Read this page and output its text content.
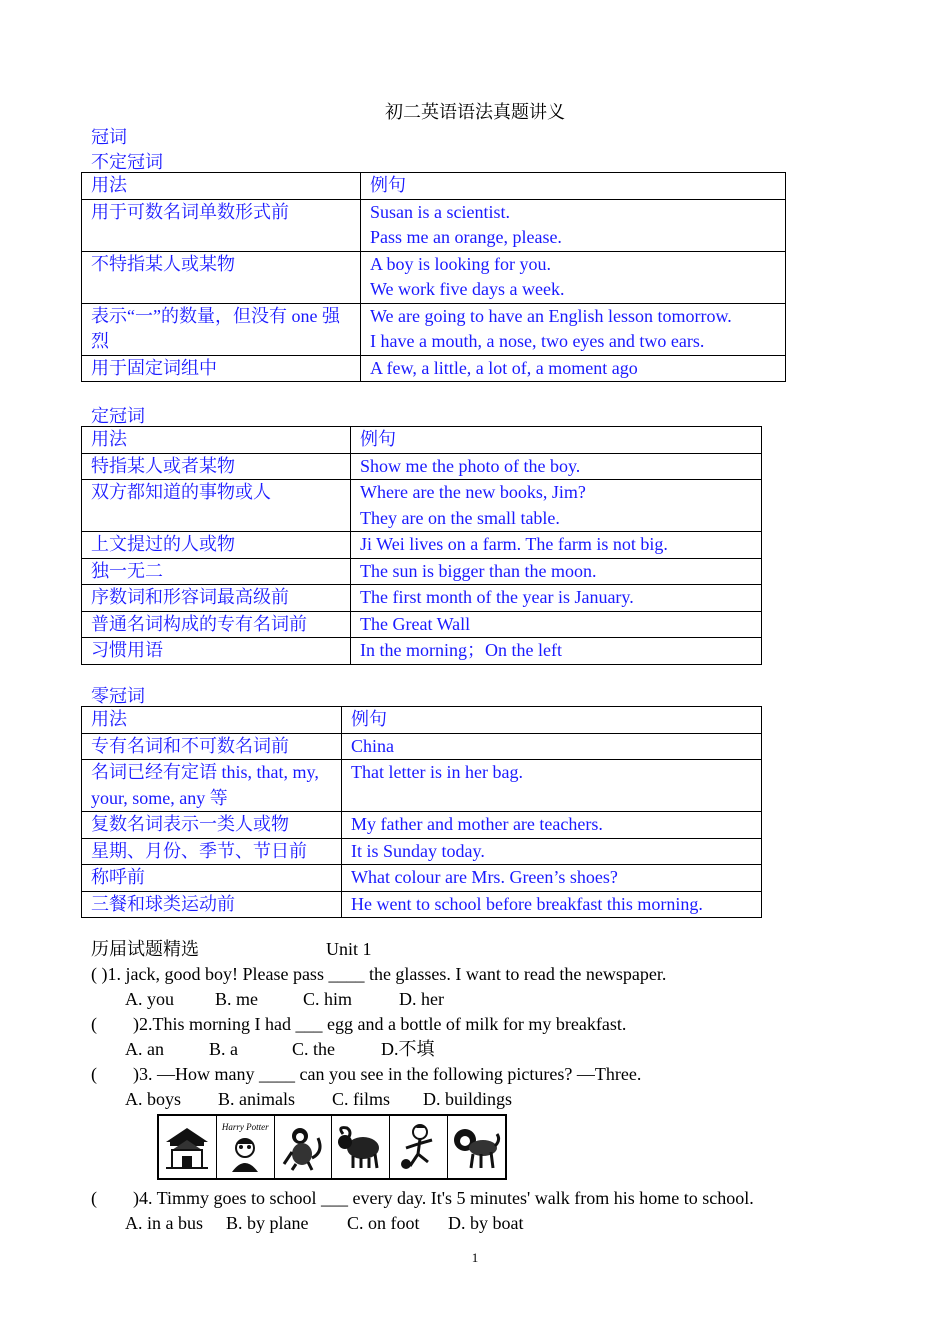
初二英语语法真题讲义
冠词
不定冠词
用法	例句
用于可数名词单数形式前	Susan is a scientist.
Pass me an orange, please.

不特指某人或某物	A boy is looking for you.
We work five days a week.

表示“一”的数量，但没有 one 强烈	We are going to have an English lesson tomorrow.
I have a mouth, a nose, two eyes and two ears.

用于固定词组中	A few, a little, a lot of, a moment ago
定冠词
用法	例句
特指某人或者某物	Show me the photo of the boy.
双方都知道的事物或人	Where are the new books, Jim?
They are on the small table.

上文提过的人或物	Ji Wei lives on a farm. The farm is not big.
独一无二	The sun is bigger than the moon.
序数词和形容词最高级前	The first month of the year is January.
普通名词构成的专有名词前	The Great Wall
习惯用语	In the morning；On the left
零冠词
用法	例句
专有名词和不可数名词前	China
名词已经有定语 this, that, my, your, some, any 等	That letter is in her bag.
复数名词表示一类人或物	My father and mother are teachers.
星期、月份、季节、节日前	It is Sunday today.
称呼前	What colour are Mrs. Green’s shoes?
三餐和球类运动前	He went to school before breakfast this morning.
历届试题精选	Unit 1
( )1. jack, good boy! Please pass ____ the glasses. I want to read the newspaper.
A. you B. me	C. him	D. her
(　　)2.This morning I had ___ egg and a bottle of milk for my breakfast.
A. an	B. a	C. the	D.不填
(　　)3. —How many ____ can you see in the following pictures? —Three.
A. boys B. animals C. films D. buildings
Harry Potter
(　　)4. Timmy goes to school ___ every day. It's 5 minutes' walk from his home to school.
A. in a bus B. by plane C. on foot D. by boat
1
